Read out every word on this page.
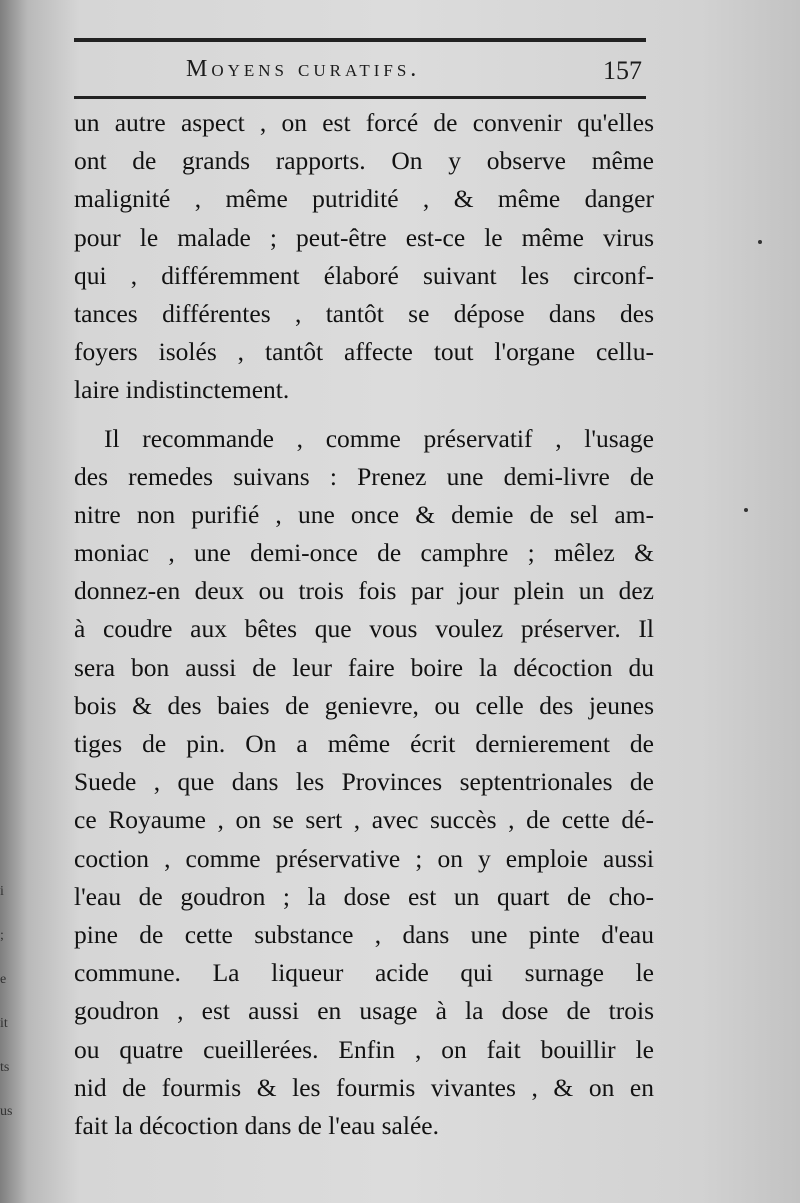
Moyens curatifs.	157
un autre aspect , on est forcé de convenir qu'elles
ont de grands rapports. On y observe même
malignité , même putridité , & même danger
pour le malade ; peut-être est-ce le même virus
qui , différemment élaboré suivant les circonf-
tances différentes , tantôt se dépose dans des
foyers isolés , tantôt affecte tout l'organe cellu-
laire indistinctement.
Il recommande , comme préservatif , l'usage
des remedes suivans : Prenez une demi-livre de
nitre non purifié , une once & demie de sel am-
moniac , une demi-once de camphre ; mêlez &
donnez-en deux ou trois fois par jour plein un dez
à coudre aux bêtes que vous voulez préserver. Il
sera bon aussi de leur faire boire la décoction du
bois & des baies de genievre, ou celle des jeunes
tiges de pin. On a même écrit dernierement de
Suede , que dans les Provinces septentrionales de
ce Royaume , on se sert , avec succès , de cette dé-
coction , comme préservative ; on y emploie aussi
l'eau de goudron ; la dose est un quart de cho-
pine de cette substance , dans une pinte d'eau
commune. La liqueur acide qui surnage le
goudron , est aussi en usage à la dose de trois
ou quatre cueillerées. Enfin , on fait bouillir le
nid de fourmis & les fourmis vivantes , & on en
fait la décoction dans de l'eau salée.
i
;
e
it
ts
us
